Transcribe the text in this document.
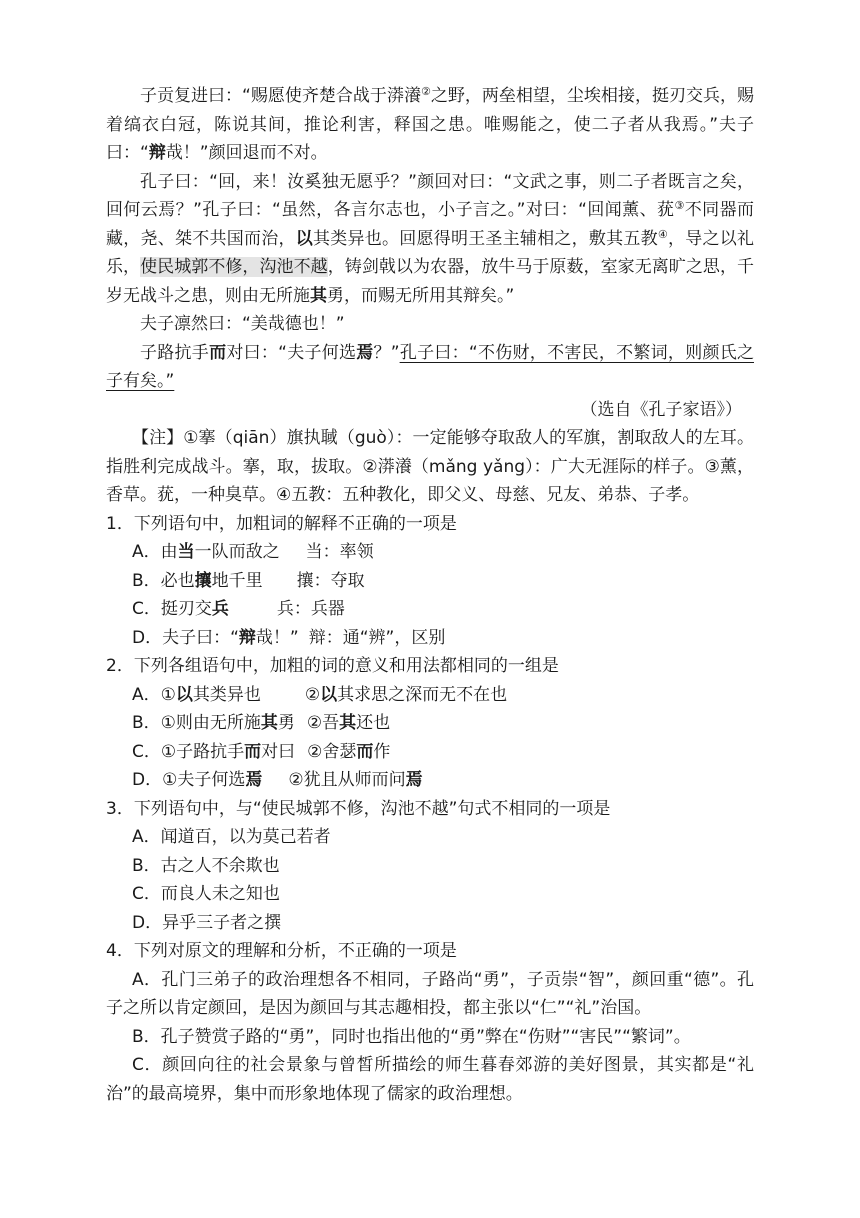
子贡复进曰：“赐愿使齐楚合战于漭瀁②之野，两垒相望，尘埃相接，挺刃交兵，赐着缟衣白冠，陈说其间，推论利害，释国之患。唯赐能之，使二子者从我焉。”夫子曰：“辩哉！”颜回退而不对。

孔子曰：“回，来！汝奚独无愿乎？”颜回对曰：“文武之事，则二子者既言之矣，回何云焉？”孔子曰：“虽然，各言尔志也，小子言之。”对曰：“回闻薰、莸③不同器而藏，尧、桀不共国而治，以其类异也。回愿得明王圣主辅相之，敷其五教④，导之以礼乐，使民城郭不修，沟池不越，铸剑戟以为农器，放牛马于原薮，室家无离旷之思，千岁无战斗之患，则由无所施其勇，而赐无所用其辩矣。”

夫子凛然曰：“美哉德也！”

子路抗手而对曰：“夫子何选焉？”孔子曰：“不伤财，不害民，不繁词，则颜氏之子有矣。”

（选自《孔子家语》）

【注】①搴（qiān）旗执聝（guò）：一定能够夺取敌人的军旗，割取敌人的左耳。指胜利完成战斗。搴，取，拔取。②漭瀁（mǎng yǎng）：广大无涯际的样子。③薰，香草。莸，一种臭草。④五教：五种教化，即父义、母慈、兄友、弟恭、子孝。

1．下列语句中，加粗词的解释不正确的一项是

A．由当一队而敌之 当：率领

B．必也攘地千里 攘：夺取

C．挺刃交兵	兵：兵器

D．夫子曰：“辩哉！” 辩：通“辨”，区别

2．下列各组语句中，加粗的词的意义和用法都相同的一组是

A．①以其类异也	②以其求思之深而无不在也

B．①则由无所施其勇 ②吾其还也

C．①子路抗手而对曰 ②舍瑟而作

D．①夫子何选焉 ②犹且从师而问焉

3．下列语句中，与“使民城郭不修，沟池不越”句式不相同的一项是

A．闻道百，以为莫己若者

B．古之人不余欺也

C．而良人未之知也

D．异乎三子者之撰

4．下列对原文的理解和分析，不正确的一项是

A．孔门三弟子的政治理想各不相同，子路尚“勇”，子贡崇“智”，颜回重“德”。孔子之所以肯定颜回，是因为颜回与其志趣相投，都主张以“仁”“礼”治国。

B．孔子赞赏子路的“勇”，同时也指出他的“勇”弊在“伤财”“害民”“繁词”。

C．颜回向往的社会景象与曾皙所描绘的师生暮春郊游的美好图景，其实都是“礼治”的最高境界，集中而形象地体现了儒家的政治理想。
